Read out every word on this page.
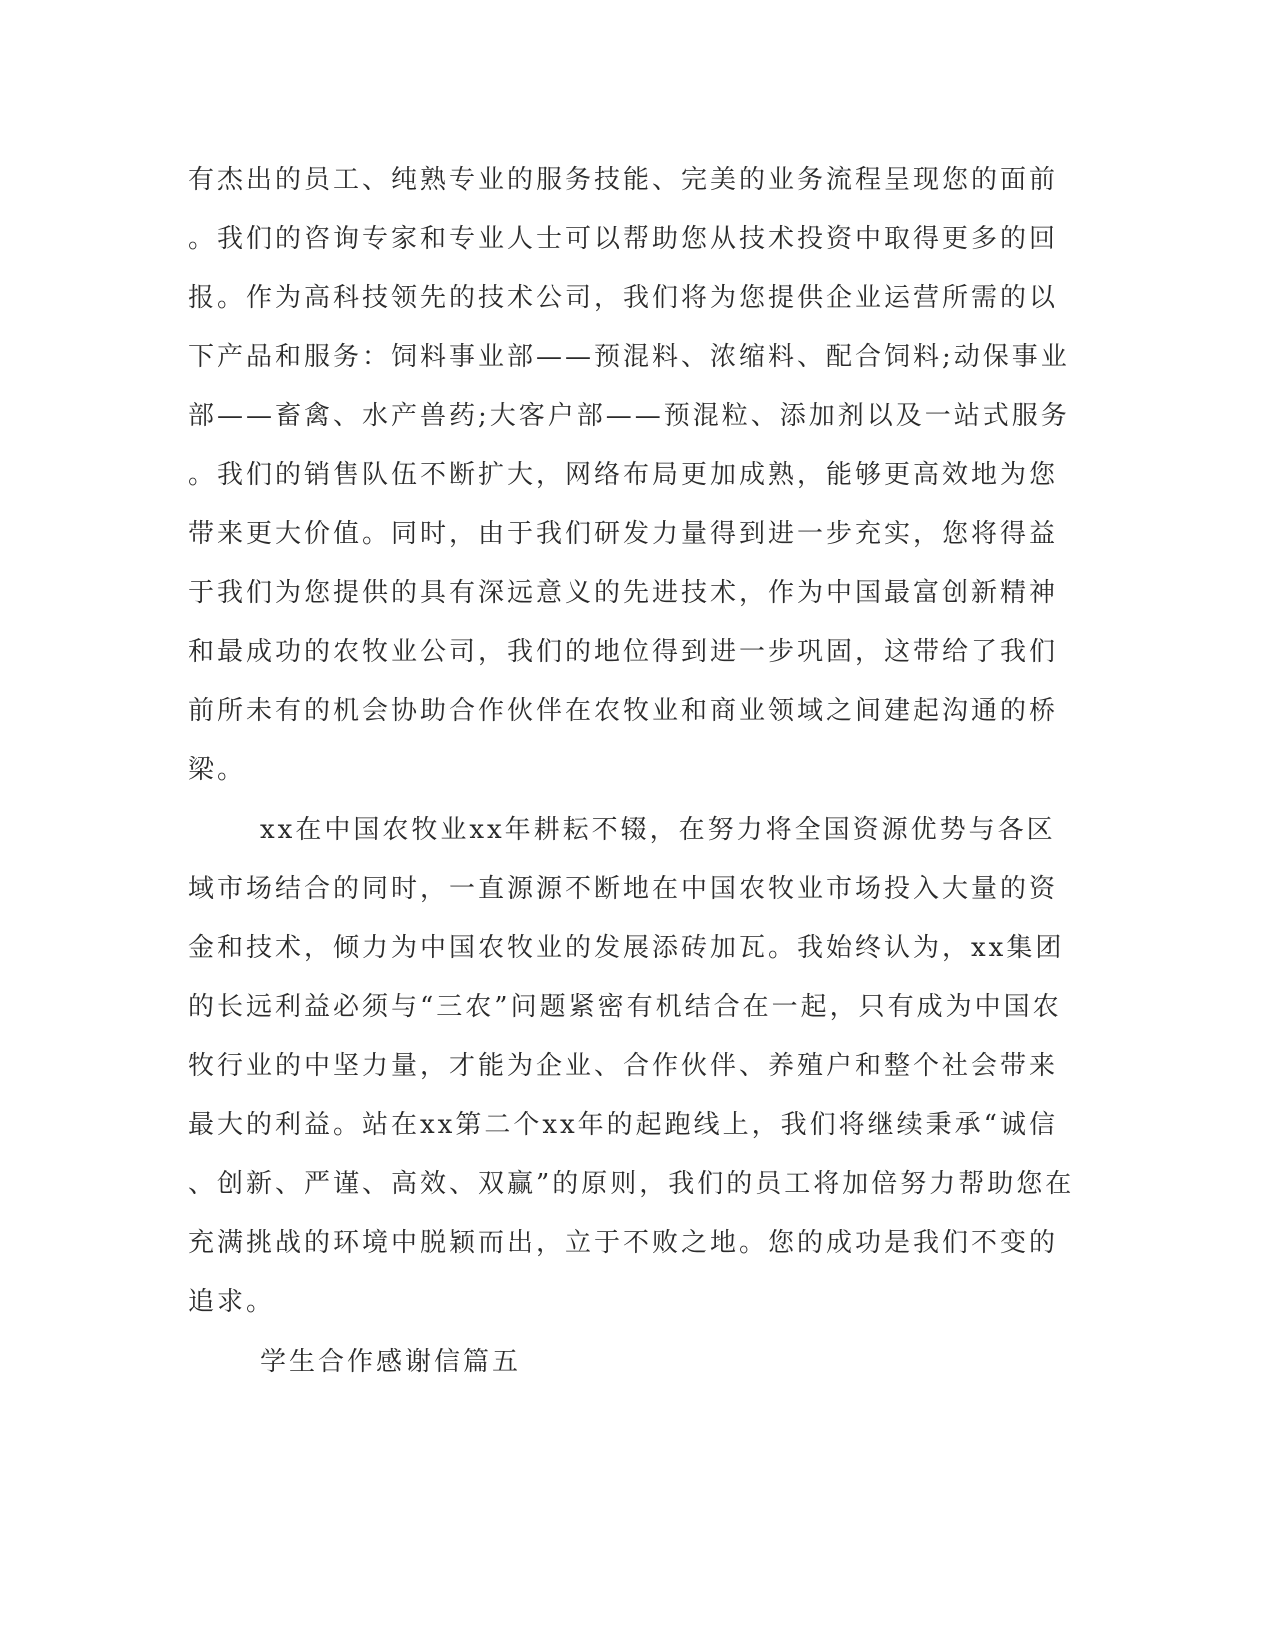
有杰出的员工、纯熟专业的服务技能、完美的业务流程呈现您的面前
。我们的咨询专家和专业人士可以帮助您从技术投资中取得更多的回
报。作为高科技领先的技术公司，我们将为您提供企业运营所需的以
下产品和服务：饲料事业部——预混料、浓缩料、配合饲料;动保事业
部——畜禽、水产兽药;大客户部——预混粒、添加剂以及一站式服务
。我们的销售队伍不断扩大，网络布局更加成熟，能够更高效地为您
带来更大价值。同时，由于我们研发力量得到进一步充实，您将得益
于我们为您提供的具有深远意义的先进技术，作为中国最富创新精神
和最成功的农牧业公司，我们的地位得到进一步巩固，这带给了我们
前所未有的机会协助合作伙伴在农牧业和商业领域之间建起沟通的桥
梁。
xx在中国农牧业xx年耕耘不辍，在努力将全国资源优势与各区
域市场结合的同时，一直源源不断地在中国农牧业市场投入大量的资
金和技术，倾力为中国农牧业的发展添砖加瓦。我始终认为，xx集团
的长远利益必须与“三农”问题紧密有机结合在一起，只有成为中国农
牧行业的中坚力量，才能为企业、合作伙伴、养殖户和整个社会带来
最大的利益。站在xx第二个xx年的起跑线上，我们将继续秉承“诚信
、创新、严谨、高效、双赢”的原则，我们的员工将加倍努力帮助您在
充满挑战的环境中脱颖而出，立于不败之地。您的成功是我们不变的
追求。
学生合作感谢信篇五
